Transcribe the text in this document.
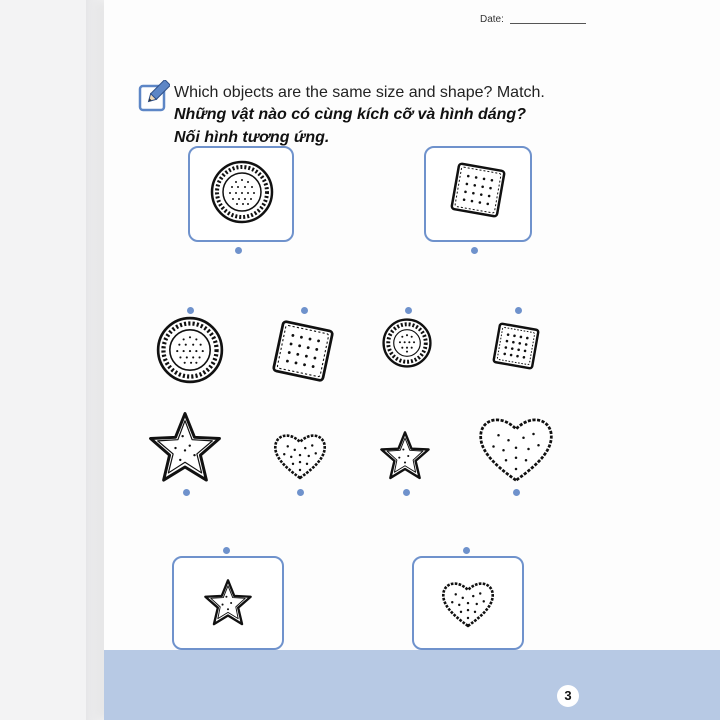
Date:
Which objects are the same size and shape? Match.
Những vật nào có cùng kích cỡ và hình dáng?
Nối hình tương ứng.
3
